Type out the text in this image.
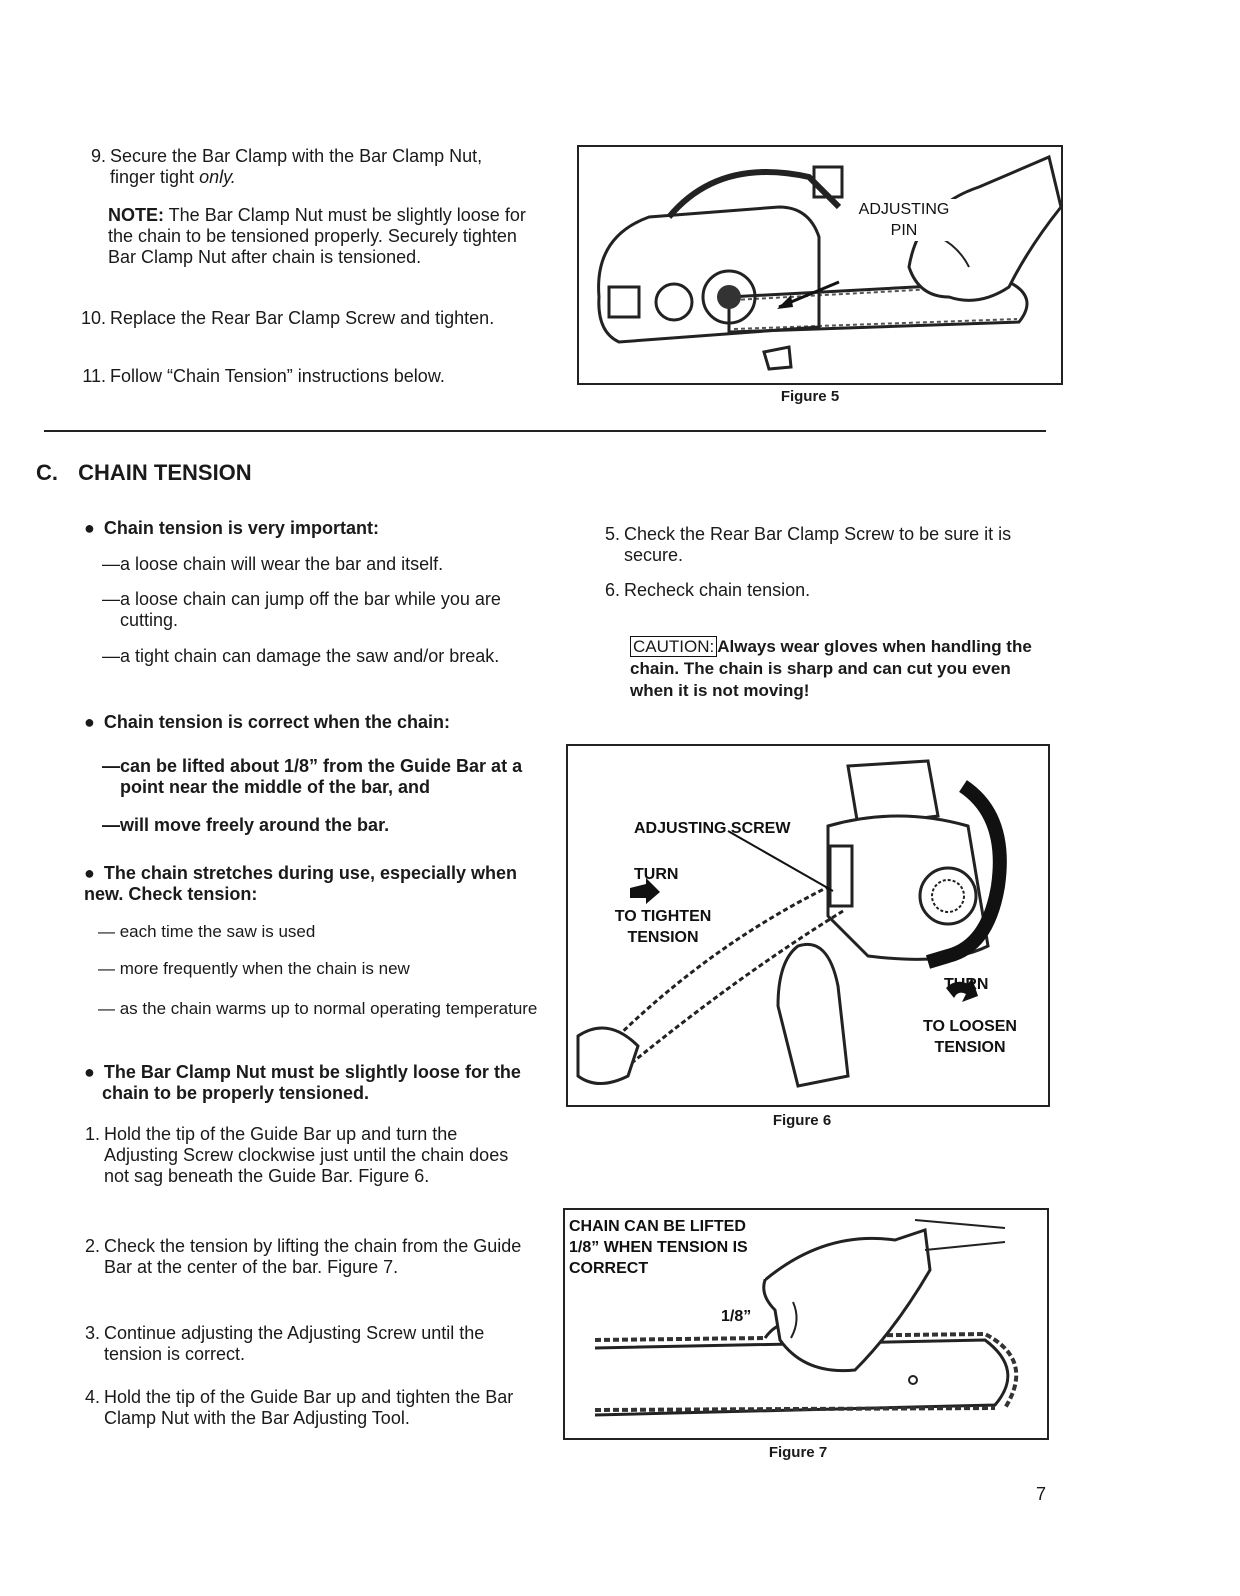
9. Secure the Bar Clamp with the Bar Clamp Nut, finger tight only.
NOTE: The Bar Clamp Nut must be slightly loose for the chain to be tensioned properly. Securely tighten Bar Clamp Nut after chain is tensioned.
10. Replace the Rear Bar Clamp Screw and tighten.
11. Follow “Chain Tension” instructions below.
ADJUSTING PIN
Figure 5
C. CHAIN TENSION
● Chain tension is very important:
—a loose chain will wear the bar and itself.
—a loose chain can jump off the bar while you are cutting.
—a tight chain can damage the saw and/or break.
● Chain tension is correct when the chain:
—can be lifted about 1/8” from the Guide Bar at a point near the middle of the bar, and
—will move freely around the bar.
● The chain stretches during use, especially when new. Check tension:
— each time the saw is used
— more frequently when the chain is new
— as the chain warms up to normal operating temperature
● The Bar Clamp Nut must be slightly loose for the chain to be properly tensioned.
1. Hold the tip of the Guide Bar up and turn the Adjusting Screw clockwise just until the chain does not sag beneath the Guide Bar. Figure 6.
2. Check the tension by lifting the chain from the Guide Bar at the center of the bar. Figure 7.
3. Continue adjusting the Adjusting Screw until the tension is correct.
4. Hold the tip of the Guide Bar up and tighten the Bar Clamp Nut with the Bar Adjusting Tool.
5. Check the Rear Bar Clamp Screw to be sure it is secure.
6. Recheck chain tension.
CAUTION: Always wear gloves when handling the chain. The chain is sharp and can cut you even when it is not moving!
ADJUSTING SCREW
TURN
TO TIGHTEN TENSION
TURN
TO LOOSEN TENSION
Figure 6
CHAIN CAN BE LIFTED 1/8” WHEN TENSION IS CORRECT
1/8”
Figure 7
7
